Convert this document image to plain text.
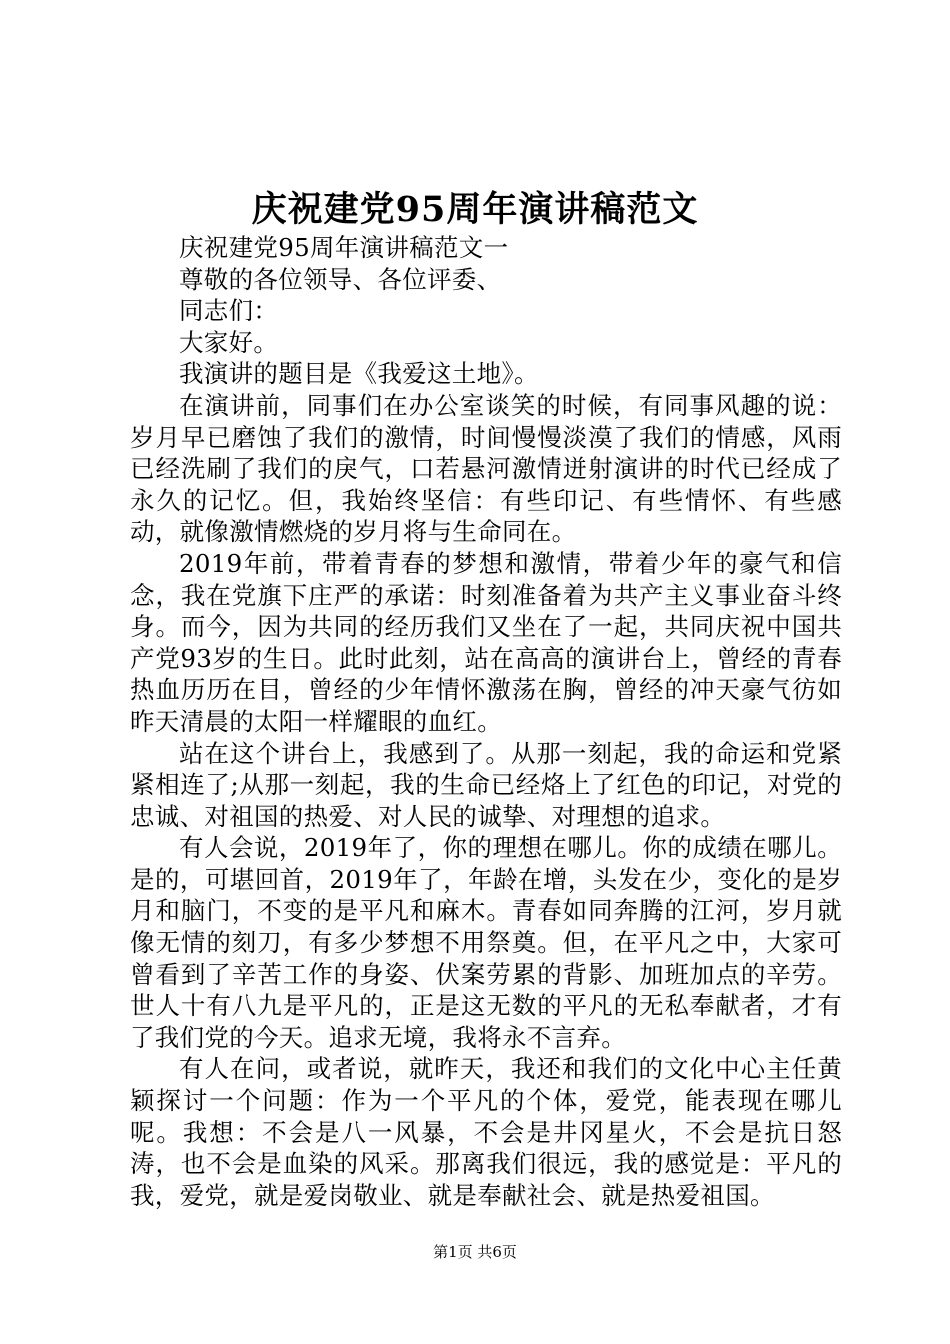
庆祝建党95周年演讲稿范文

庆祝建党95周年演讲稿范文一

尊敬的各位领导、各位评委、

同志们：

大家好。

我演讲的题目是《我爱这土地》。

在演讲前，同事们在办公室谈笑的时候，有同事风趣的说：岁月早已磨蚀了我们的激情，时间慢慢淡漠了我们的情感，风雨已经洗刷了我们的戾气，口若悬河激情迸射演讲的时代已经成了永久的记忆。但，我始终坚信：有些印记、有些情怀、有些感动，就像激情燃烧的岁月将与生命同在。

2019年前，带着青春的梦想和激情，带着少年的豪气和信念，我在党旗下庄严的承诺：时刻准备着为共产主义事业奋斗终身。而今，因为共同的经历我们又坐在了一起，共同庆祝中国共产党93岁的生日。此时此刻，站在高高的演讲台上，曾经的青春热血历历在目，曾经的少年情怀激荡在胸，曾经的冲天豪气彷如昨天清晨的太阳一样耀眼的血红。

站在这个讲台上，我感到了。从那一刻起，我的命运和党紧紧相连了;从那一刻起，我的生命已经烙上了红色的印记，对党的忠诚、对祖国的热爱、对人民的诚挚、对理想的追求。

有人会说，2019年了，你的理想在哪儿。你的成绩在哪儿。是的，可堪回首，2019年了，年龄在增，头发在少，变化的是岁月和脑门，不变的是平凡和麻木。青春如同奔腾的江河，岁月就像无情的刻刀，有多少梦想不用祭奠。但，在平凡之中，大家可曾看到了辛苦工作的身姿、伏案劳累的背影、加班加点的辛劳。世人十有八九是平凡的，正是这无数的平凡的无私奉献者，才有了我们党的今天。追求无境，我将永不言弃。

有人在问，或者说，就昨天，我还和我们的文化中心主任黄颖探讨一个问题：作为一个平凡的个体，爱党，能表现在哪儿呢。我想：不会是八一风暴，不会是井冈星火，不会是抗日怒涛，也不会是血染的风采。那离我们很远，我的感觉是：平凡的我，爱党，就是爱岗敬业、就是奉献社会、就是热爱祖国。

第1页 共6页
